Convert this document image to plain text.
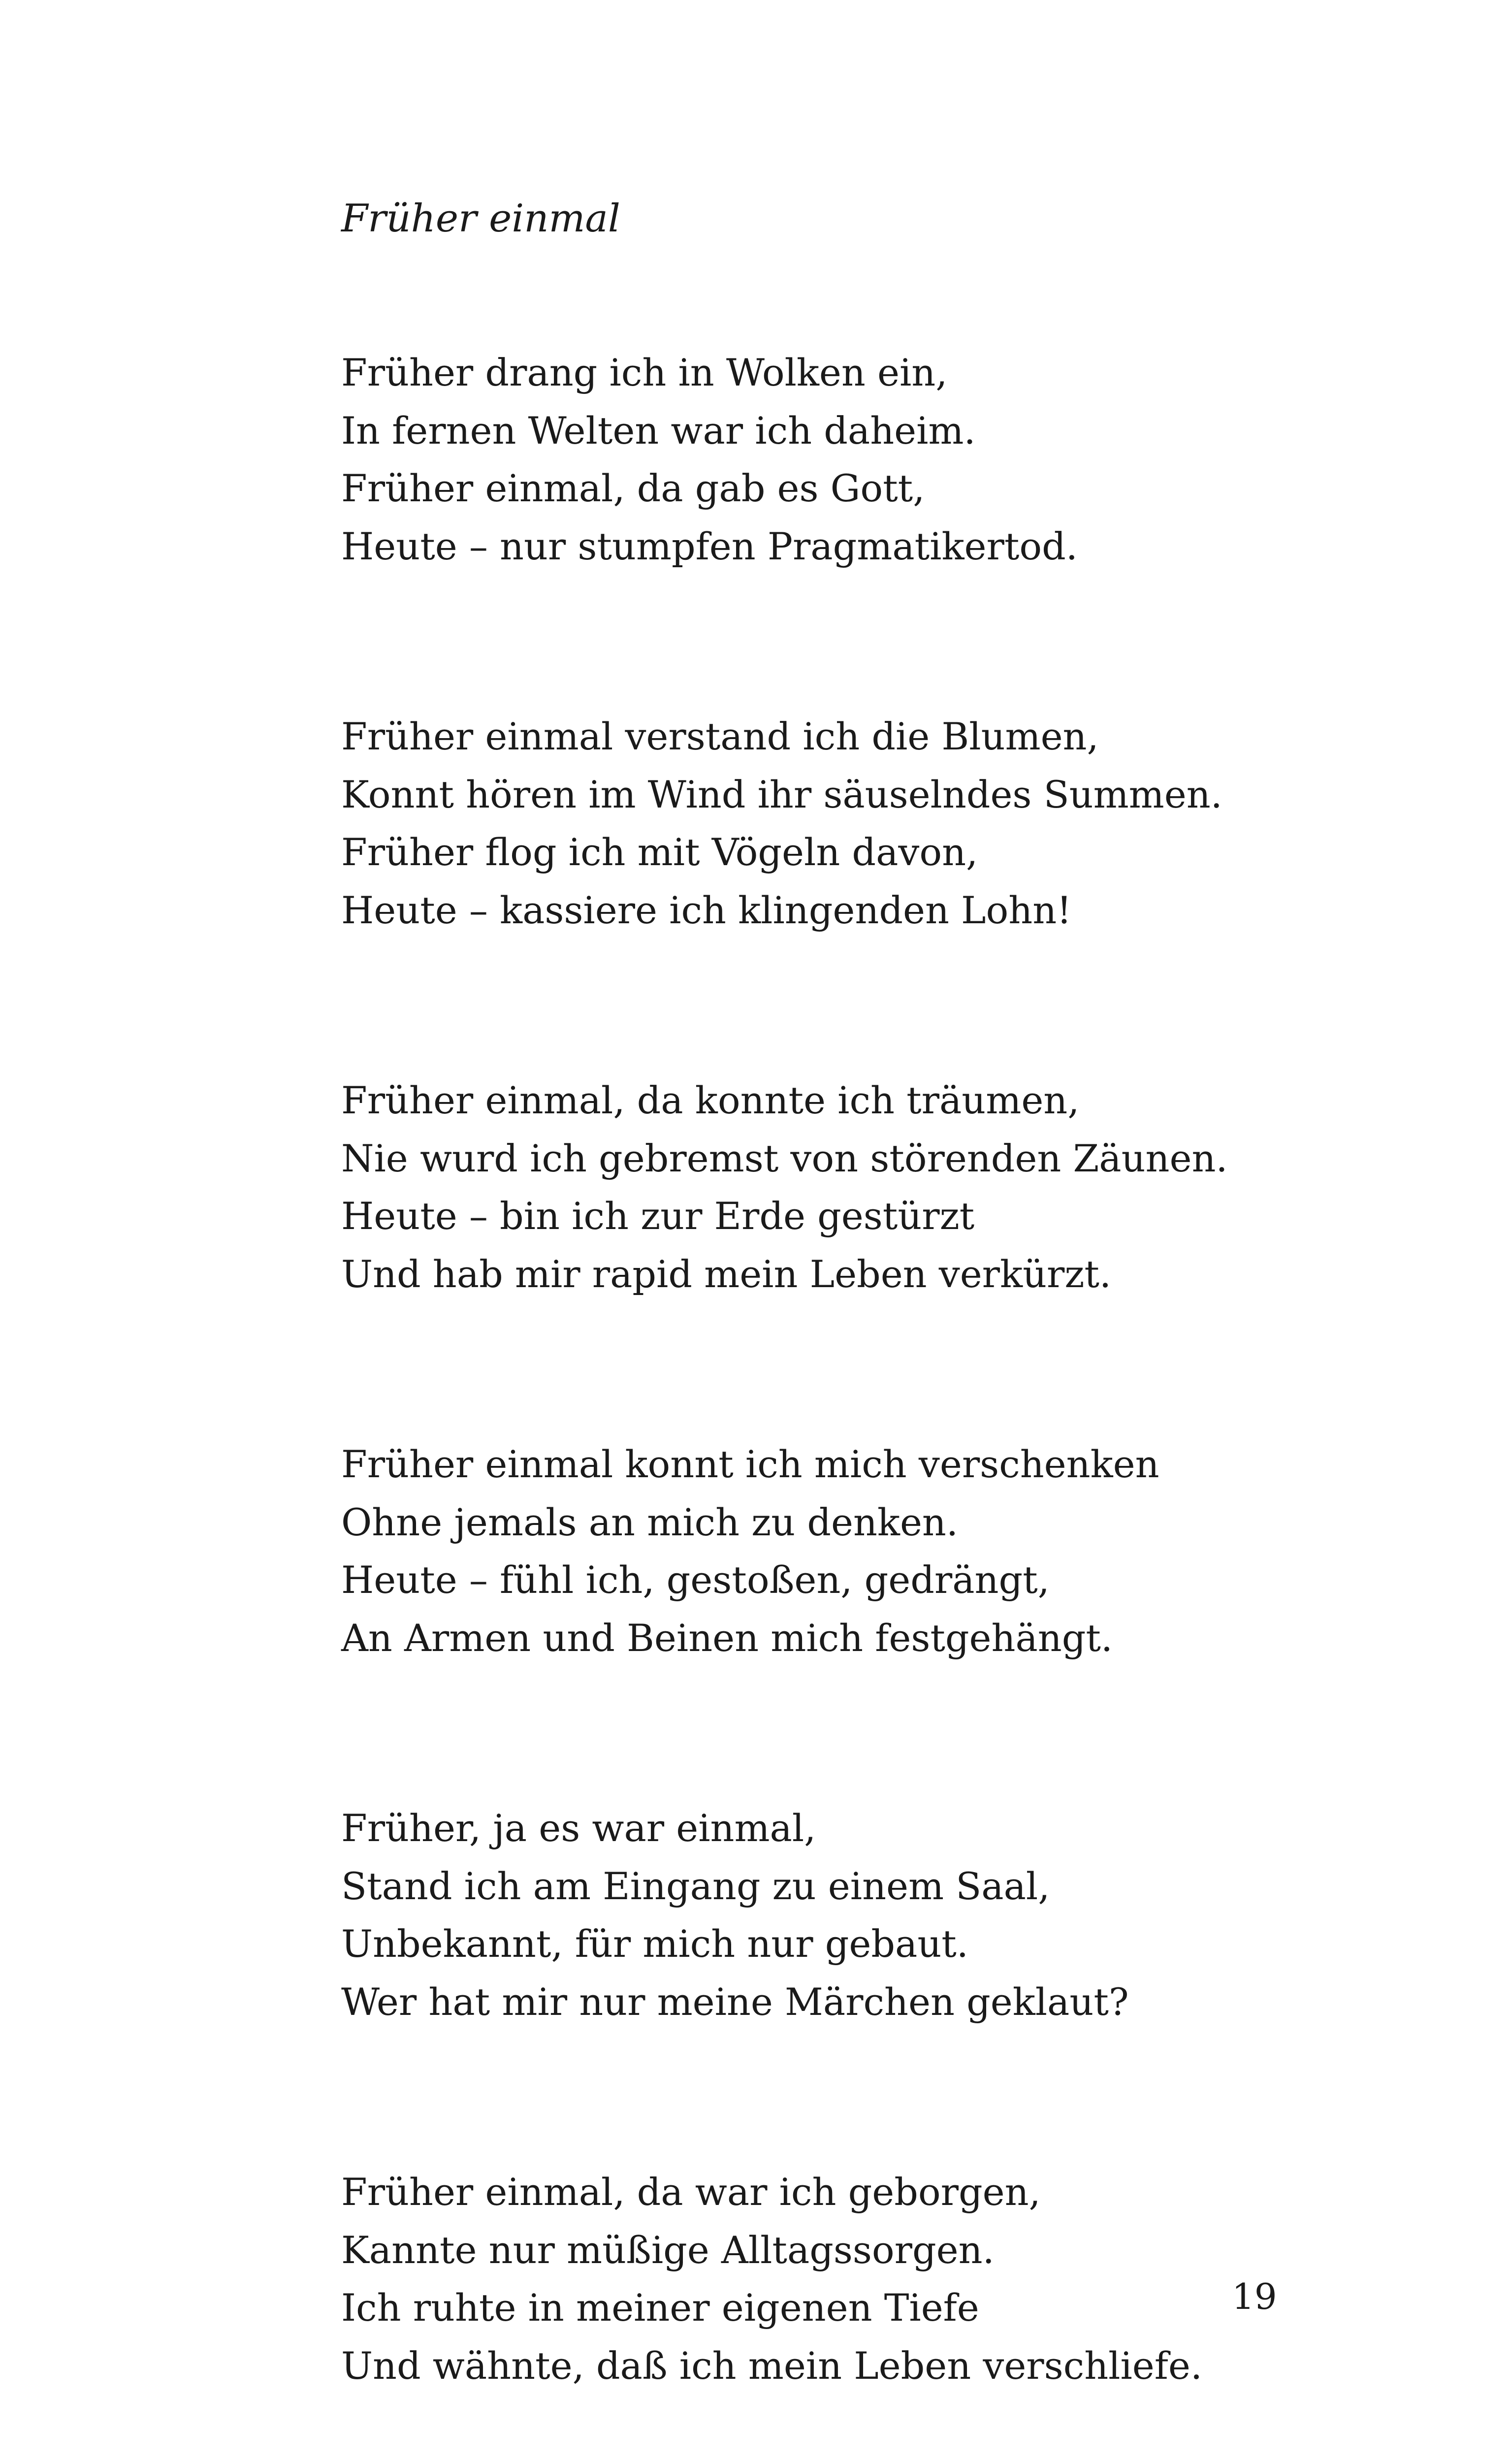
Früher einmal
Früher drang ich in Wolken ein,
In fernen Welten war ich daheim.
Früher einmal, da gab es Gott,
Heute – nur stumpfen Pragmatikertod.
Früher einmal verstand ich die Blumen,
Konnt hören im Wind ihr säuselndes Summen.
Früher flog ich mit Vögeln davon,
Heute – kassiere ich klingenden Lohn!
Früher einmal, da konnte ich träumen,
Nie wurd ich gebremst von störenden Zäunen.
Heute – bin ich zur Erde gestürzt
Und hab mir rapid mein Leben verkürzt.
Früher einmal konnt ich mich verschenken
Ohne jemals an mich zu denken.
Heute – fühl ich, gestoßen, gedrängt,
An Armen und Beinen mich festgehängt.
Früher, ja es war einmal,
Stand ich am Eingang zu einem Saal,
Unbekannt, für mich nur gebaut.
Wer hat mir nur meine Märchen geklaut?
Früher einmal, da war ich geborgen,
Kannte nur müßige Alltagssorgen.
Ich ruhte in meiner eigenen Tiefe
Und wähnte, daß ich mein Leben verschliefe.
19
